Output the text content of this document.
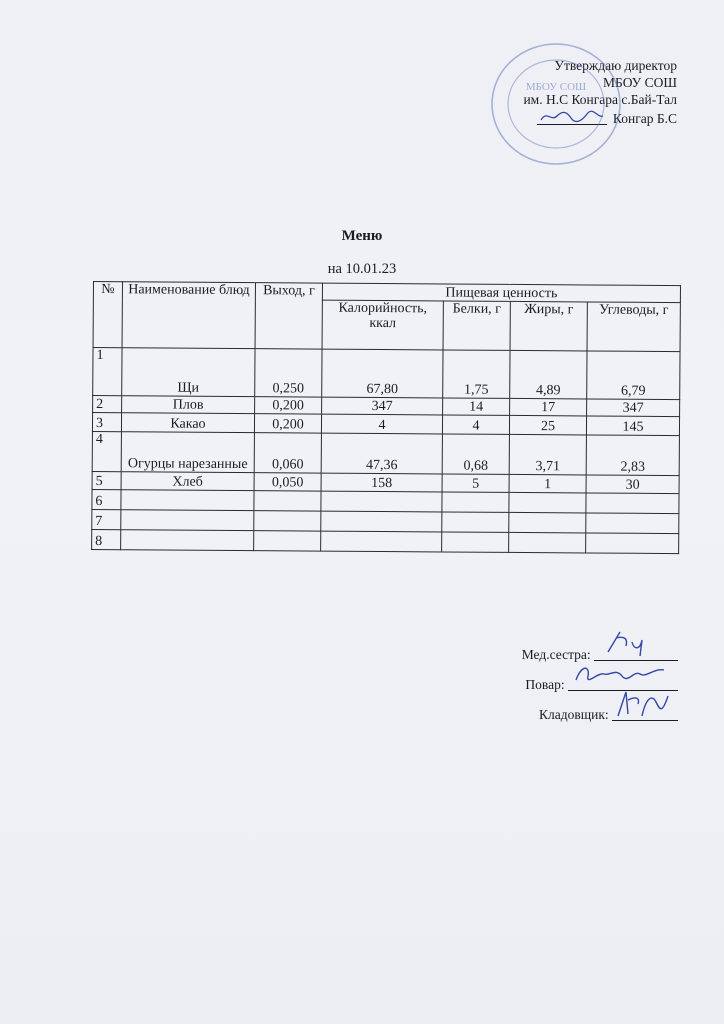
Утверждаю директор
МБОУ СОШ
им. Н.С Конгара с.Бай-Тал
Конгар Б.С
МБОУ СОШ
Меню
на 10.01.23
№	Наименование блюд	Выход, г	Пищевая ценность			
			Калорийность, ккал	Белки, г	Жиры, г	Углеводы, г
1	Щи	0,250	67,80	1,75	4,89	6,79
2	Плов	0,200	347	14	17	347
3	Какао	0,200	4	4	25	145
4	Огурцы нарезанные	0,060	47,36	0,68	3,71	2,83
5	Хлеб	0,050	158	5	1	30
6						
7						
8						
Мед.сестра:
Повар:
Кладовщик:
